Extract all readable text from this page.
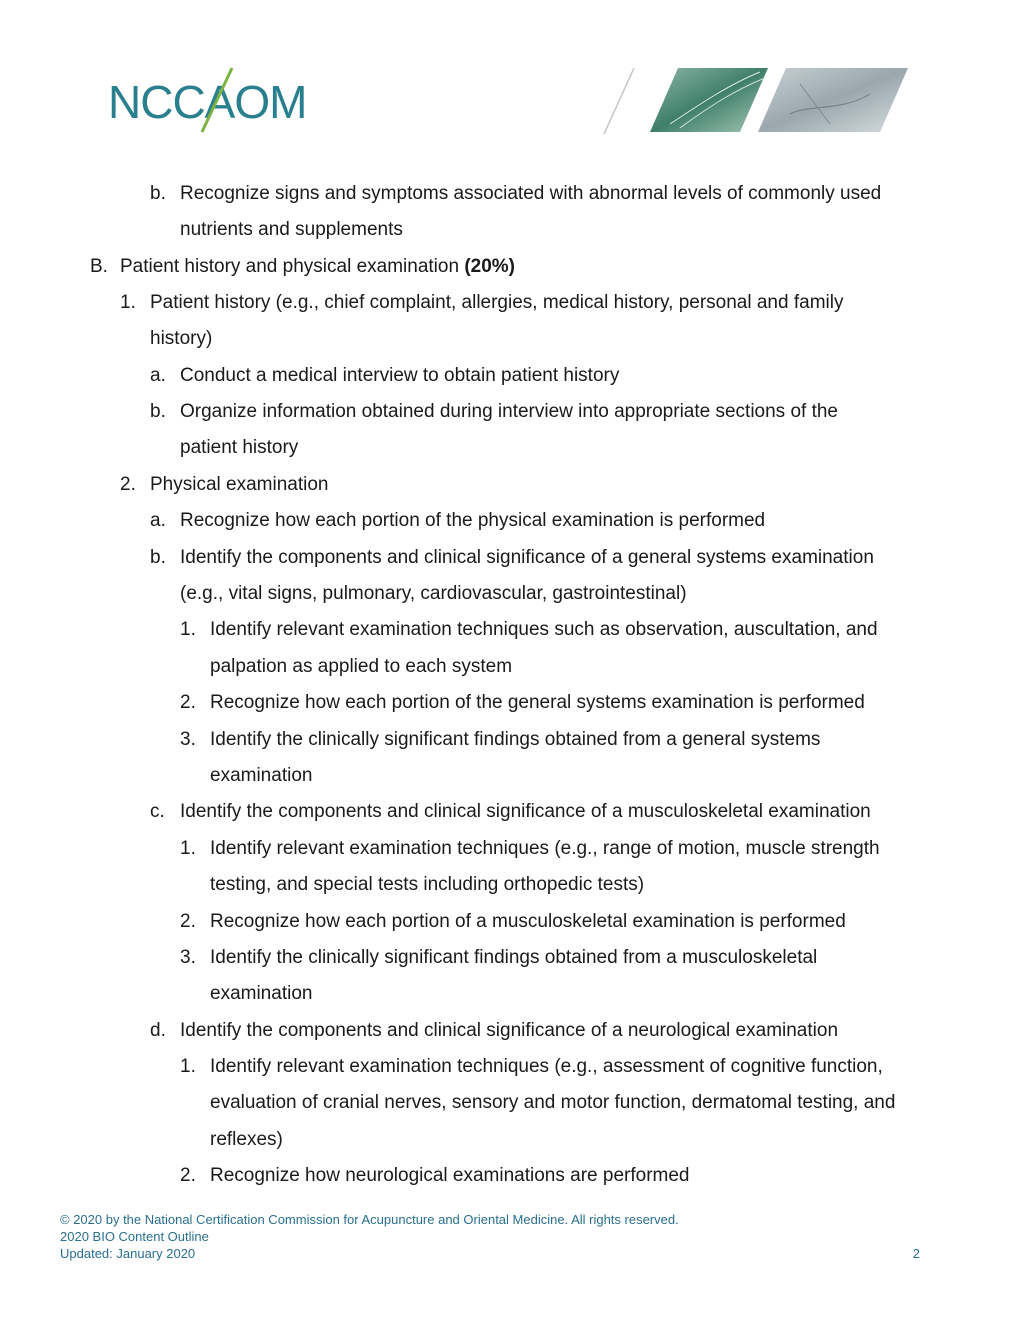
NCCAOM
b. Recognize signs and symptoms associated with abnormal levels of commonly used
nutrients and supplements
B. Patient history and physical examination (20%)
1. Patient history (e.g., chief complaint, allergies, medical history, personal and family
history)
a. Conduct a medical interview to obtain patient history
b. Organize information obtained during interview into appropriate sections of the
patient history
2. Physical examination
a. Recognize how each portion of the physical examination is performed
b. Identify the components and clinical significance of a general systems examination
(e.g., vital signs, pulmonary, cardiovascular, gastrointestinal)
1. Identify relevant examination techniques such as observation, auscultation, and
palpation as applied to each system
2. Recognize how each portion of the general systems examination is performed
3. Identify the clinically significant findings obtained from a general systems
examination
c. Identify the components and clinical significance of a musculoskeletal examination
1. Identify relevant examination techniques (e.g., range of motion, muscle strength
testing, and special tests including orthopedic tests)
2. Recognize how each portion of a musculoskeletal examination is performed
3. Identify the clinically significant findings obtained from a musculoskeletal
examination
d. Identify the components and clinical significance of a neurological examination
1. Identify relevant examination techniques (e.g., assessment of cognitive function,
evaluation of cranial nerves, sensory and motor function, dermatomal testing, and
reflexes)
2. Recognize how neurological examinations are performed
© 2020 by the National Certification Commission for Acupuncture and Oriental Medicine. All rights reserved.
2020 BIO Content Outline
Updated: January 2020	2
